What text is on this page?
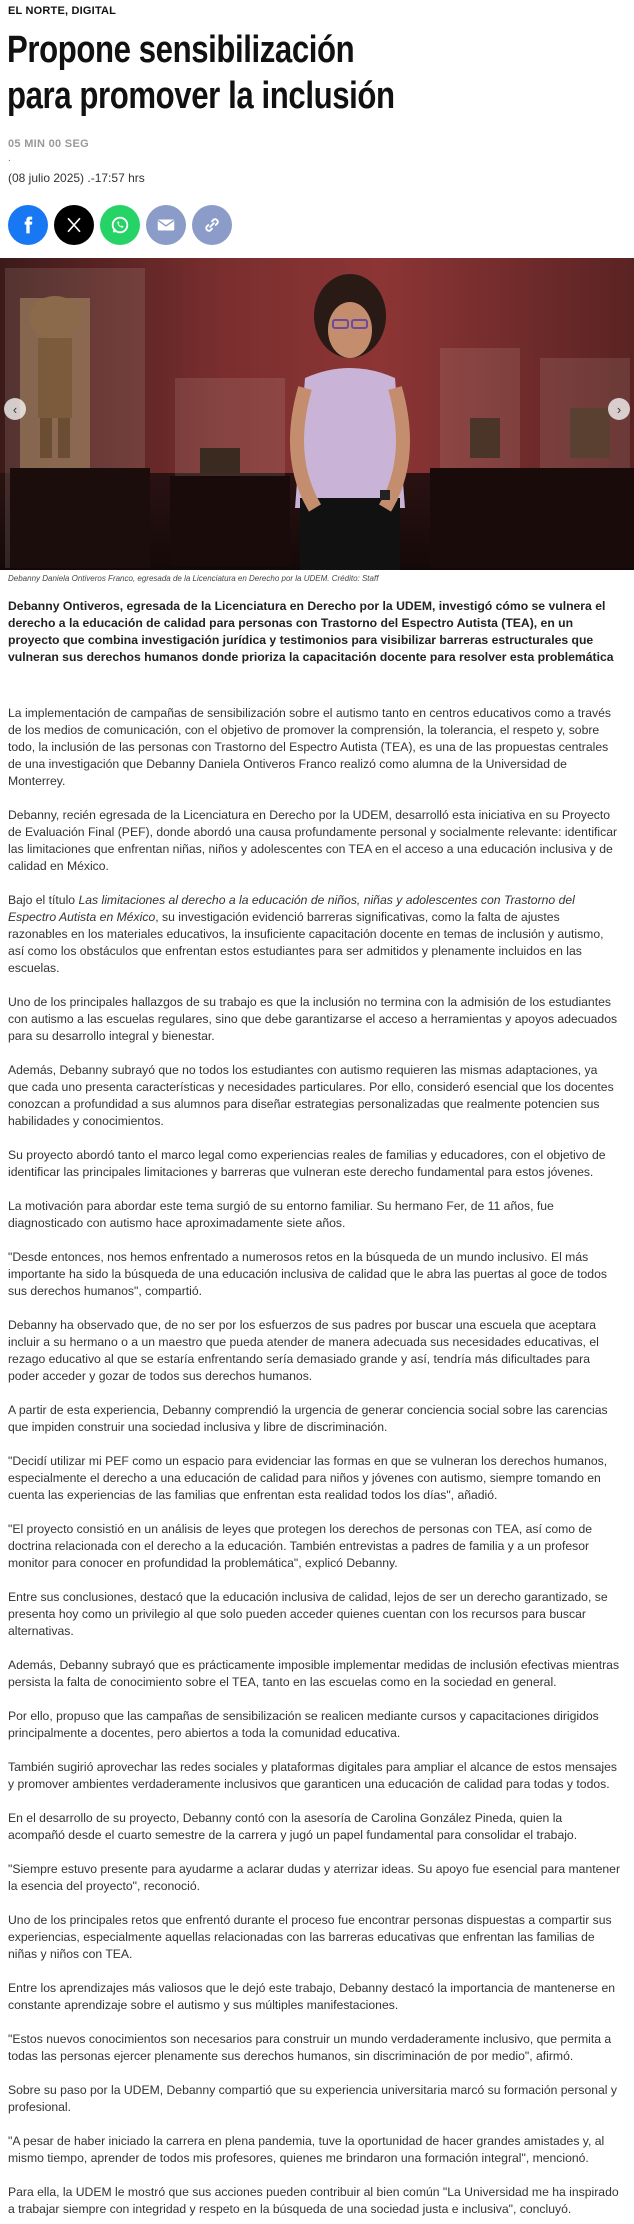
EL NORTE, DIGITAL
Propone sensibilización
para promover la inclusión
05 MIN 00 SEG
.
(08 julio 2025) .-17:57 hrs
‹	›
Debanny Daniela Ontiveros Franco, egresada de la Licenciatura en Derecho por la UDEM. Crédito: Staff

Debanny Ontiveros, egresada de la Licenciatura en Derecho por la UDEM, investigó cómo se vulnera el derecho a la educación de calidad para personas con Trastorno del Espectro Autista (TEA), en un proyecto que combina investigación jurídica y testimonios para visibilizar barreras estructurales que vulneran sus derechos humanos donde prioriza la capacitación docente para resolver esta problemática

La implementación de campañas de sensibilización sobre el autismo tanto en centros educativos como a través de los medios de comunicación, con el objetivo de promover la comprensión, la tolerancia, el respeto y, sobre todo, la inclusión de las personas con Trastorno del Espectro Autista (TEA), es una de las propuestas centrales de una investigación que Debanny Daniela Ontiveros Franco realizó como alumna de la Universidad de Monterrey.

Debanny, recién egresada de la Licenciatura en Derecho por la UDEM, desarrolló esta iniciativa en su Proyecto de Evaluación Final (PEF), donde abordó una causa profundamente personal y socialmente relevante: identificar las limitaciones que enfrentan niñas, niños y adolescentes con TEA en el acceso a una educación inclusiva y de calidad en México.

Bajo el título Las limitaciones al derecho a la educación de niños, niñas y adolescentes con Trastorno del Espectro Autista en México, su investigación evidenció barreras significativas, como la falta de ajustes razonables en los materiales educativos, la insuficiente capacitación docente en temas de inclusión y autismo, así como los obstáculos que enfrentan estos estudiantes para ser admitidos y plenamente incluidos en las escuelas.

Uno de los principales hallazgos de su trabajo es que la inclusión no termina con la admisión de los estudiantes con autismo a las escuelas regulares, sino que debe garantizarse el acceso a herramientas y apoyos adecuados para su desarrollo integral y bienestar.

Además, Debanny subrayó que no todos los estudiantes con autismo requieren las mismas adaptaciones, ya que cada uno presenta características y necesidades particulares. Por ello, consideró esencial que los docentes conozcan a profundidad a sus alumnos para diseñar estrategias personalizadas que realmente potencien sus habilidades y conocimientos.

Su proyecto abordó tanto el marco legal como experiencias reales de familias y educadores, con el objetivo de identificar las principales limitaciones y barreras que vulneran este derecho fundamental para estos jóvenes.

La motivación para abordar este tema surgió de su entorno familiar. Su hermano Fer, de 11 años, fue diagnosticado con autismo hace aproximadamente siete años.

"Desde entonces, nos hemos enfrentado a numerosos retos en la búsqueda de un mundo inclusivo. El más importante ha sido la búsqueda de una educación inclusiva de calidad que le abra las puertas al goce de todos sus derechos humanos", compartió.

Debanny ha observado que, de no ser por los esfuerzos de sus padres por buscar una escuela que aceptara incluir a su hermano o a un maestro que pueda atender de manera adecuada sus necesidades educativas, el rezago educativo al que se estaría enfrentando sería demasiado grande y así, tendría más dificultades para poder acceder y gozar de todos sus derechos humanos.

A partir de esta experiencia, Debanny comprendió la urgencia de generar conciencia social sobre las carencias que impiden construir una sociedad inclusiva y libre de discriminación.

"Decidí utilizar mi PEF como un espacio para evidenciar las formas en que se vulneran los derechos humanos, especialmente el derecho a una educación de calidad para niños y jóvenes con autismo, siempre tomando en cuenta las experiencias de las familias que enfrentan esta realidad todos los días", añadió.

"El proyecto consistió en un análisis de leyes que protegen los derechos de personas con TEA, así como de doctrina relacionada con el derecho a la educación. También entrevistas a padres de familia y a un profesor monitor para conocer en profundidad la problemática", explicó Debanny.

Entre sus conclusiones, destacó que la educación inclusiva de calidad, lejos de ser un derecho garantizado, se presenta hoy como un privilegio al que solo pueden acceder quienes cuentan con los recursos para buscar alternativas.

Además, Debanny subrayó que es prácticamente imposible implementar medidas de inclusión efectivas mientras persista la falta de conocimiento sobre el TEA, tanto en las escuelas como en la sociedad en general.

Por ello, propuso que las campañas de sensibilización se realicen mediante cursos y capacitaciones dirigidos principalmente a docentes, pero abiertos a toda la comunidad educativa.

También sugirió aprovechar las redes sociales y plataformas digitales para ampliar el alcance de estos mensajes y promover ambientes verdaderamente inclusivos que garanticen una educación de calidad para todas y todos.

En el desarrollo de su proyecto, Debanny contó con la asesoría de Carolina González Pineda, quien la acompañó desde el cuarto semestre de la carrera y jugó un papel fundamental para consolidar el trabajo.

"Siempre estuvo presente para ayudarme a aclarar dudas y aterrizar ideas. Su apoyo fue esencial para mantener la esencia del proyecto", reconoció.

Uno de los principales retos que enfrentó durante el proceso fue encontrar personas dispuestas a compartir sus experiencias, especialmente aquellas relacionadas con las barreras educativas que enfrentan las familias de niñas y niños con TEA.

Entre los aprendizajes más valiosos que le dejó este trabajo, Debanny destacó la importancia de mantenerse en constante aprendizaje sobre el autismo y sus múltiples manifestaciones.

"Estos nuevos conocimientos son necesarios para construir un mundo verdaderamente inclusivo, que permita a todas las personas ejercer plenamente sus derechos humanos, sin discriminación de por medio", afirmó.

Sobre su paso por la UDEM, Debanny compartió que su experiencia universitaria marcó su formación personal y profesional.

"A pesar de haber iniciado la carrera en plena pandemia, tuve la oportunidad de hacer grandes amistades y, al mismo tiempo, aprender de todos mis profesores, quienes me brindaron una formación integral", mencionó.

Para ella, la UDEM le mostró que sus acciones pueden contribuir al bien común "La Universidad me ha inspirado a trabajar siempre con integridad y respeto en la búsqueda de una sociedad justa e inclusiva", concluyó.
